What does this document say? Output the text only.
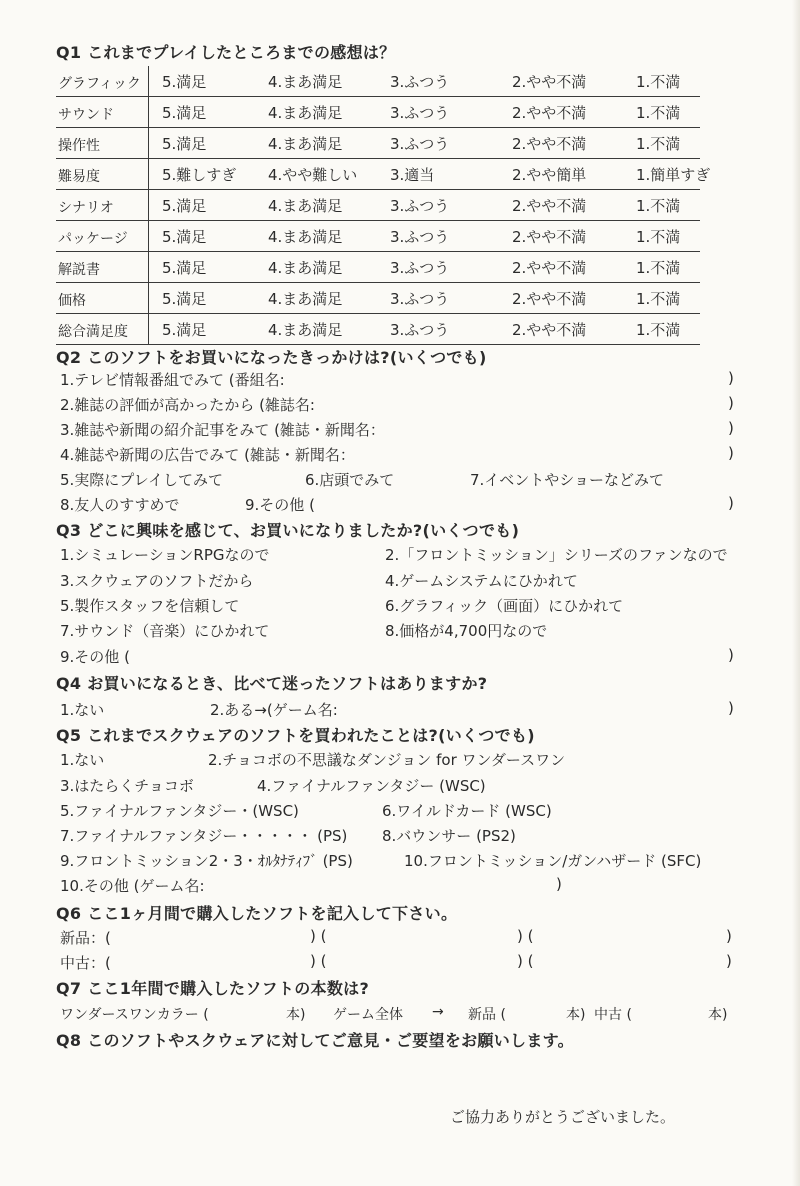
Q1 これまでプレイしたところまでの感想は？
グラフィック 5.満足	4.まあ満足	3.ふつう	2.やや不満	1.不満
サウンド	5.満足	4.まあ満足	3.ふつう	2.やや不満	1.不満
操作性	5.満足	4.まあ満足	3.ふつう	2.やや不満	1.不満
難易度	5.難しすぎ 4.やや難しい 3.適当	2.やや簡単	1.簡単すぎ
シナリオ	5.満足	4.まあ満足	3.ふつう	2.やや不満	1.不満
パッケージ 5.満足	4.まあ満足	3.ふつう	2.やや不満	1.不満
解説書	5.満足	4.まあ満足	3.ふつう	2.やや不満	1.不満
価格	5.満足	4.まあ満足	3.ふつう	2.やや不満	1.不満
総合満足度 5.満足	4.まあ満足	3.ふつう	2.やや不満	1.不満
Q2 このソフトをお買いになったきっかけは?(いくつでも)
1.テレビ情報番組でみて (番組名:	)
2.雑誌の評価が高かったから (雑誌名:	)
3.雑誌や新聞の紹介記事をみて (雑誌・新聞名：	)
4.雑誌や新聞の広告でみて (雑誌・新聞名：	)
5.実際にプレイしてみて	6.店頭でみて	7.イベントやショーなどみて
8.友人のすすめで	9.その他 (	)
Q3 どこに興味を感じて、お買いになりましたか?(いくつでも)
1.シミュレーションRPGなので	2.「フロントミッション」シリーズのファンなので
3.スクウェアのソフトだから	4.ゲームシステムにひかれて
5.製作スタッフを信頼して	6.グラフィック（画面）にひかれて
7.サウンド（音楽）にひかれて	8.価格が4,700円なので
9.その他 (	)
Q4 お買いになるとき、比べて迷ったソフトはありますか?
1.ない	2.ある→(ゲーム名:	)
Q5 これまでスクウェアのソフトを買われたことは?(いくつでも)
1.ない	2.チョコボの不思議なダンジョン for ワンダースワン
3.はたらくチョコボ	4.ファイナルファンタジー (WSC)
5.ファイナルファンタジー・(WSC)	6.ワイルドカード (WSC)
7.ファイナルファンタジー・・・・・ (PS) 8.バウンサー (PS2)
9.フロントミッション2・3・ｵﾙﾀﾅﾃｨﾌﾞ (PS)	10.フロントミッション/ガンハザード (SFC)
10.その他 (ゲーム名:	)
Q6 ここ1ヶ月間で購入したソフトを記入して下さい。
新品：(	) (	) (	)
中古：(	) (	) (	)
Q7 ここ1年間で購入したソフトの本数は?
ワンダースワンカラー (	本) ゲーム全体 → 新品 (	本) 中古 (	本)
Q8 このソフトやスクウェアに対してご意見・ご要望をお願いします。
ご協力ありがとうございました。
